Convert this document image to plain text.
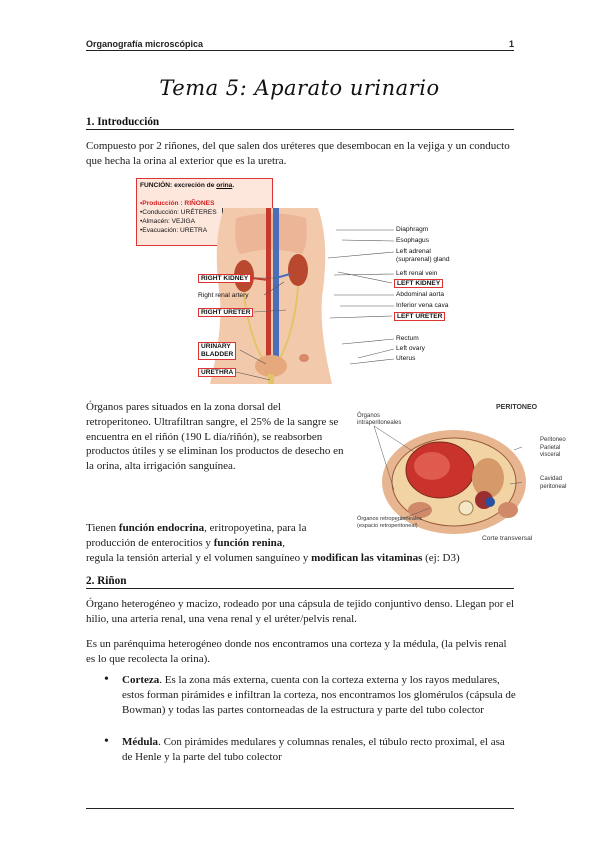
Organografía microscópica	1
Tema 5: Aparato urinario
1. Introducción
Compuesto por 2 riñones, del que salen dos uréteres que desembocan en la vejiga y un conducto que hecha la orina al exterior que es la uretra.
FUNCIÓN: excreción de orina.
•Producción : RIÑONES
•Conducción: URÉTERES
•Almacén: VEJIGA
•Evacuación: URETRA
RIGHT KIDNEY
Right renal artery
RIGHT URETER
URINARY
BLADDER
URETHRA
Diaphragm
Esophagus
Left adrenal
(suprarenal) gland
Left renal vein
LEFT KIDNEY
Abdominal aorta
Inferior vena cava
LEFT URETER
Rectum
Left ovary
Uterus
Órganos pares situados en la zona dorsal del retroperitoneo. Ultrafiltran sangre, el 25% de la sangre se encuentra en el riñón (190 L día/riñón), se reabsorben productos útiles y se eliminan los productos de desecho en la orina, alta irrigación sanguínea.
PERITONEO
Órganos
intraperitoneales
Peritoneo
Parietal
visceral
Cavidad
peritoneal
Órganos retroperitoneales
(espacio retroperitoneal)
Corte transversal
Tienen función endocrina, eritropoyetina, para la
producción de enterocitios y función renina,
regula la tensión arterial y el volumen sanguíneo y modifican las vitaminas (ej: D3)
2. Riñon
Órgano heterogéneo y macizo, rodeado por una cápsula de tejido conjuntivo denso. Llegan por el hilio, una arteria renal, una vena renal y el uréter/pelvis renal.
Es un parénquima heterogéneo donde nos encontramos una corteza y la médula, (la pelvis renal es lo que recolecta la orina).
• Corteza. Es la zona más externa, cuenta con la corteza externa y los rayos medulares, estos forman pirámides e infiltran la corteza, nos encontramos los glomérulos (cápsula de Bowman) y todas las partes contorneadas de la estructura y parte del tubo colector
• Médula. Con pirámides medulares y columnas renales, el túbulo recto proximal, el asa de Henle y la parte del tubo colector
